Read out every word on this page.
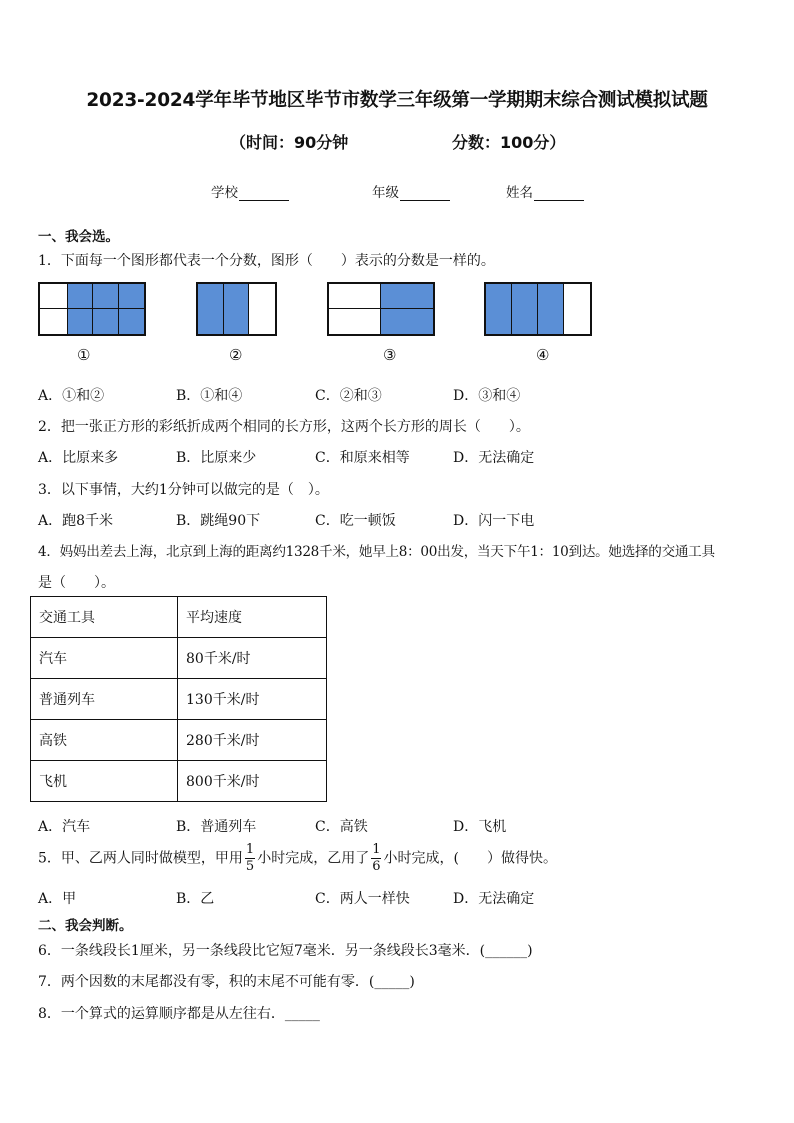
2023-2024学年毕节地区毕节市数学三年级第一学期期末综合测试模拟试题
（时间：90分钟	分数：100分）
学校	年级	姓名
一、我会选。
1．下面每一个图形都代表一个分数，图形（　　）表示的分数是一样的。
①	②	③	④
A．①和②	B．①和④	C．②和③	D．③和④
2．把一张正方形的彩纸折成两个相同的长方形，这两个长方形的周长（　　）。
A．比原来多	B．比原来少	C．和原来相等	D．无法确定
3．以下事情，大约1分钟可以做完的是（　）。
A．跑8千米	B．跳绳90下	C．吃一顿饭	D．闪一下电
4．妈妈出差去上海，北京到上海的距离约1328千米，她早上8：00出发，当天下午1：10到达。她选择的交通工具
是（　　）。
交通工具	平均速度
汽车	80千米/时
普通列车	130千米/时
高铁	280千米/时
飞机	800千米/时
A．汽车	B．普通列车	C．高铁	D．飞机
5．甲、乙两人同时做模型，甲用 $\frac{1}{5}$ 小时完成，乙用了 $\frac{1}{6}$ 小时完成，(　　）做得快。
A．甲	B．乙	C．两人一样快	D．无法确定
二、我会判断。
6．一条线段长1厘米，另一条线段比它短7毫米．另一条线段长3毫米．(______)
7．两个因数的末尾都没有零，积的末尾不可能有零．(_____)
8．一个算式的运算顺序都是从左往右．_____
